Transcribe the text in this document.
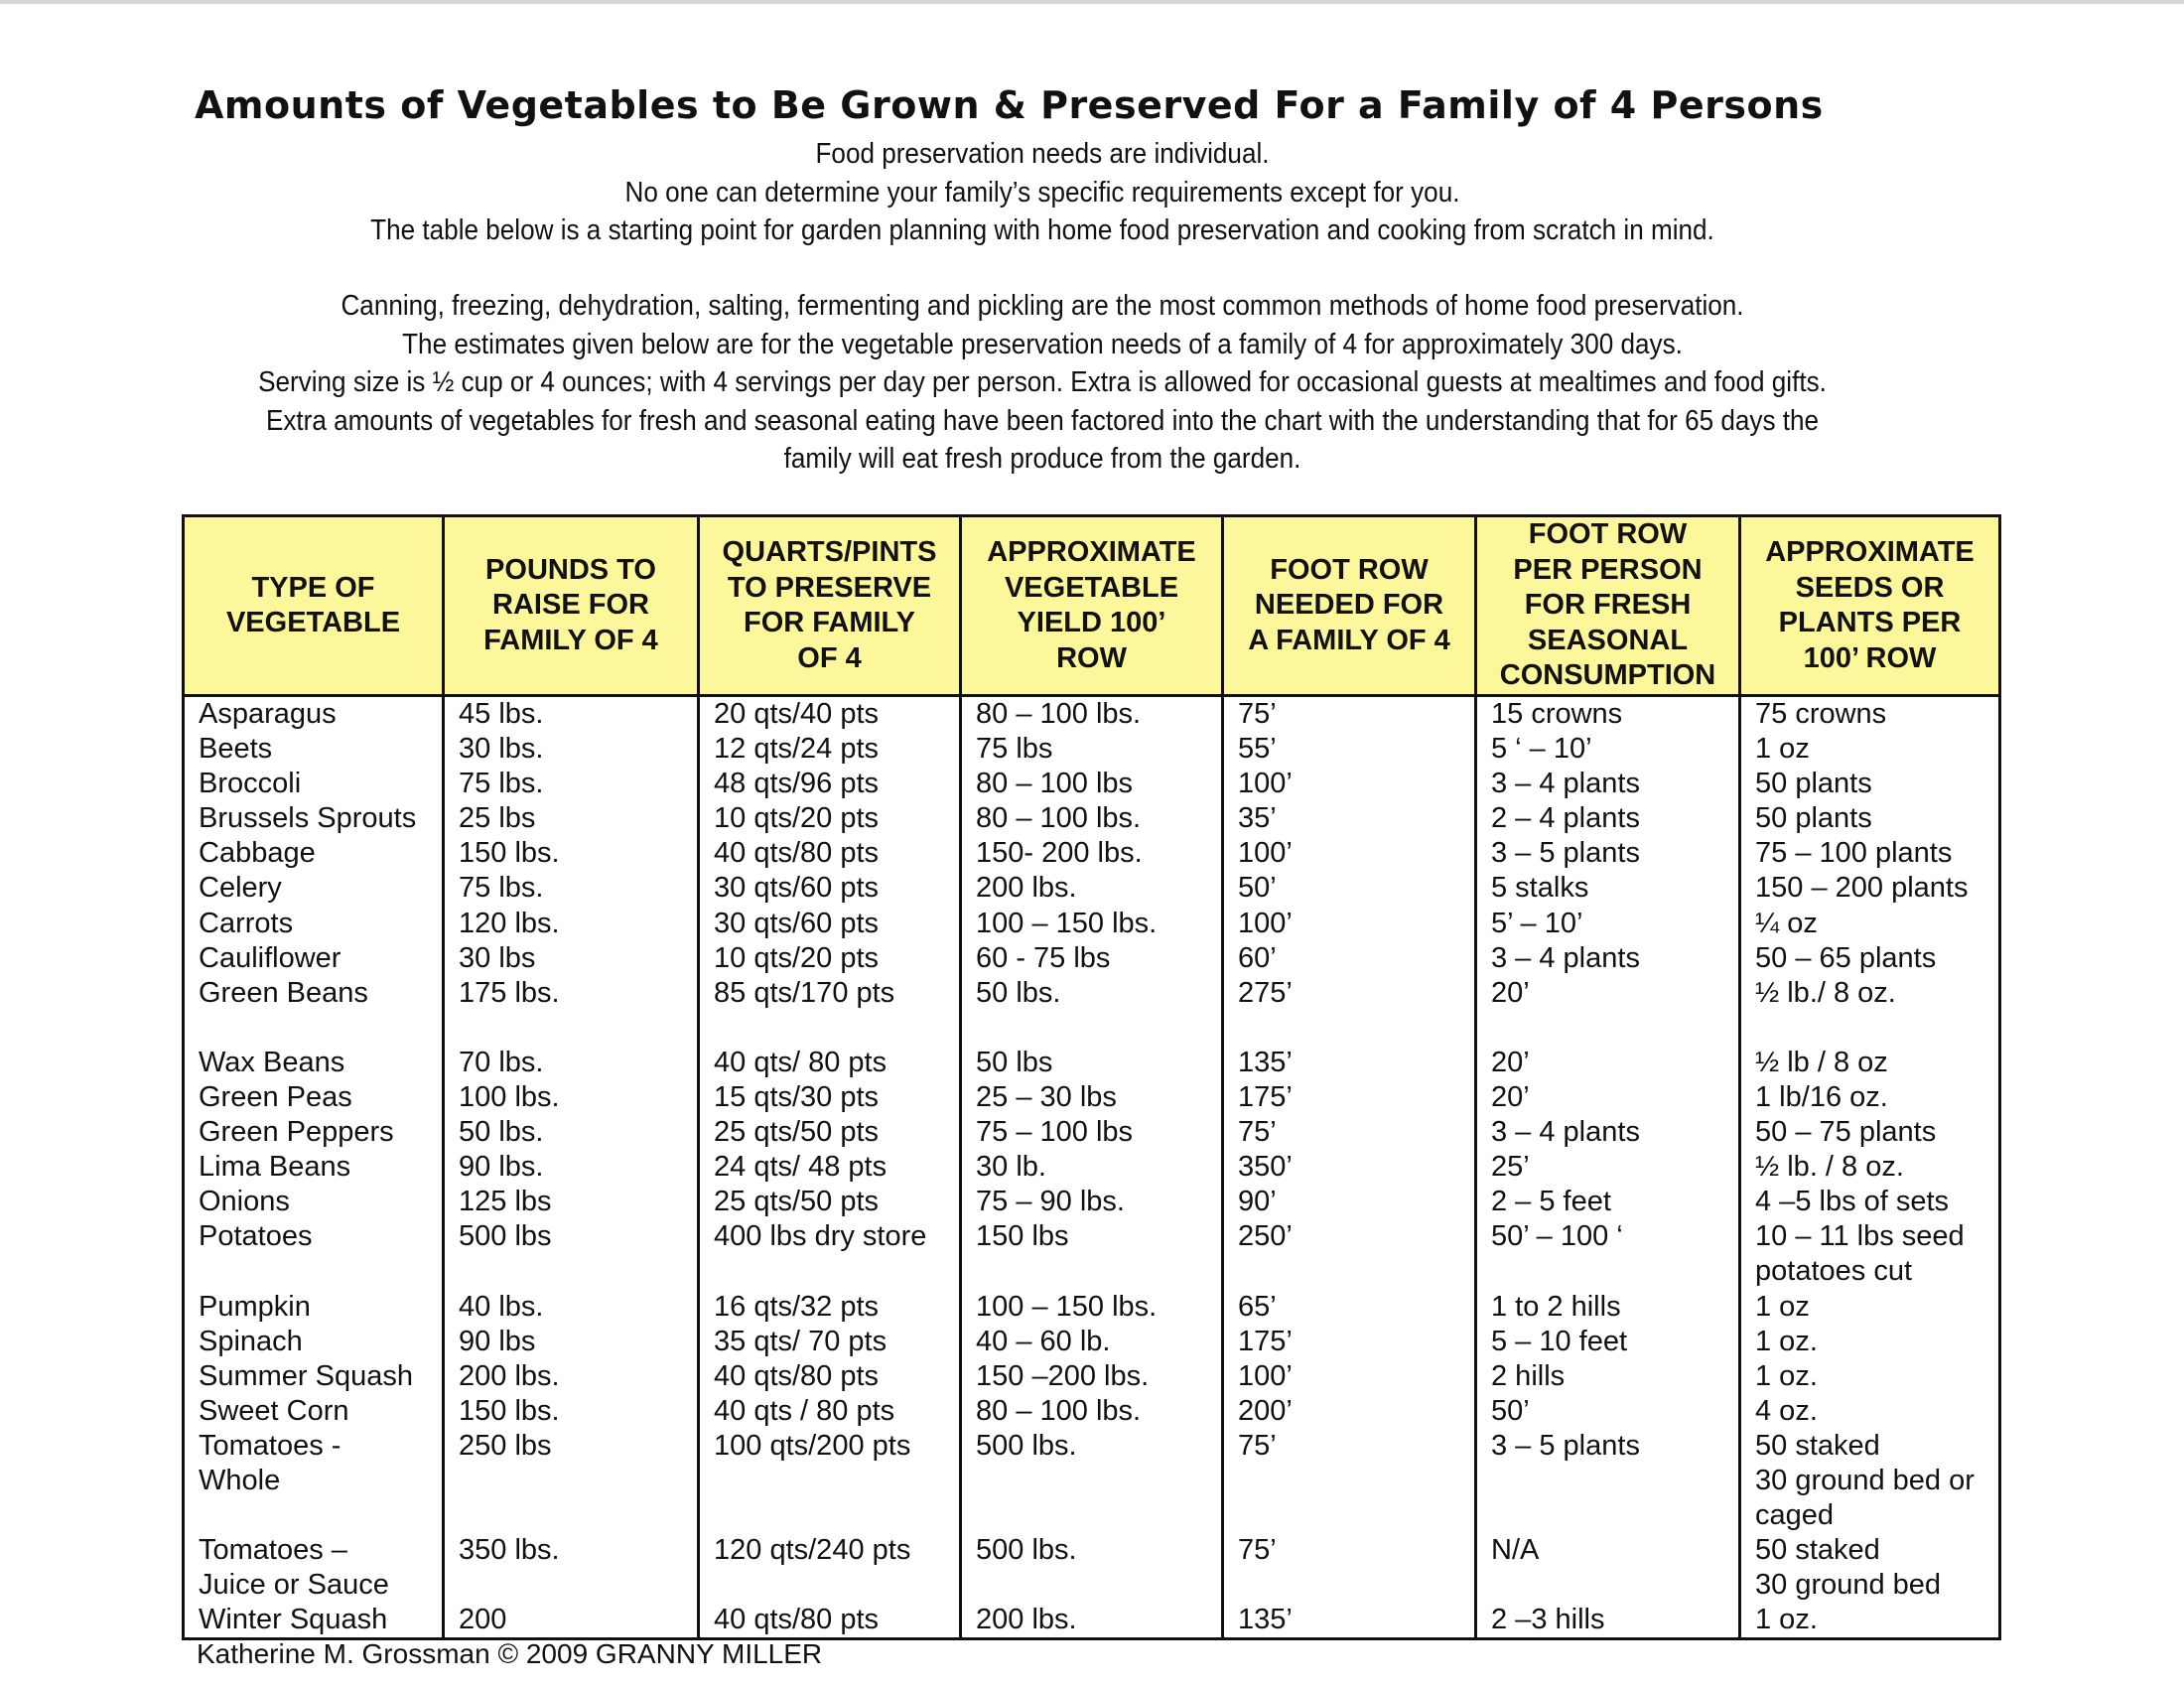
Amounts of Vegetables to Be Grown & Preserved For a Family of 4 Persons

Food preservation needs are individual.

No one can determine your family’s specific requirements except for you.

The table below is a starting point for garden planning with home food preservation and cooking from scratch in mind.

Canning, freezing, dehydration, salting, fermenting and pickling are the most common methods of home food preservation.

The estimates given below are for the vegetable preservation needs of a family of 4 for approximately 300 days.

Serving size is ½ cup or 4 ounces; with 4 servings per day per person. Extra is allowed for occasional guests at mealtimes and food gifts.

Extra amounts of vegetables for fresh and seasonal eating have been factored into the chart with the understanding that for 65 days the

family will eat fresh produce from the garden.

TYPE OF
VEGETABLE	POUNDS TO
RAISE FOR
FAMILY OF 4	QUARTS/PINTS
TO PRESERVE
FOR FAMILY
OF 4	APPROXIMATE
VEGETABLE
YIELD 100’
ROW	FOOT ROW
NEEDED FOR
A FAMILY OF 4	FOOT ROW
PER PERSON
FOR FRESH
SEASONAL
CONSUMPTION	APPROXIMATE
SEEDS OR
PLANTS PER
100’ ROW
Asparagus	45 lbs.	20 qts/40 pts	80 – 100 lbs.	75’	15 crowns	75 crowns
Beets	30 lbs.	12 qts/24 pts	75 lbs	55’	5 ‘ – 10’	1 oz
Broccoli	75 lbs.	48 qts/96 pts	80 – 100 lbs	100’	3 – 4 plants	50 plants
Brussels Sprouts	25 lbs	10 qts/20 pts	80 – 100 lbs.	35’	2 – 4 plants	50 plants
Cabbage	150 lbs.	40 qts/80 pts	150- 200 lbs.	100’	3 – 5 plants	75 – 100 plants
Celery	75 lbs.	30 qts/60 pts	200 lbs.	50’	5 stalks	150 – 200 plants
Carrots	120 lbs.	30 qts/60 pts	100 – 150 lbs.	100’	5’ – 10’	¼ oz
Cauliflower	30 lbs	10 qts/20 pts	60 - 75 lbs	60’	3 – 4 plants	50 – 65 plants
Green Beans	175 lbs.	85 qts/170 pts	50 lbs.	275’	20’	½ lb./ 8 oz.

Wax Beans	70 lbs.	40 qts/ 80 pts	50 lbs	135’	20’	½ lb / 8 oz
Green Peas	100 lbs.	15 qts/30 pts	25 – 30 lbs	175’	20’	1 lb/16 oz.
Green Peppers	50 lbs.	25 qts/50 pts	75 – 100 lbs	75’	3 – 4 plants	50 – 75 plants
Lima Beans	90 lbs.	24 qts/ 48 pts	30 lb.	350’	25’	½ lb. / 8 oz.
Onions	125 lbs	25 qts/50 pts	75 – 90 lbs.	90’	2 – 5 feet	4 –5 lbs of sets
Potatoes	500 lbs	400 lbs dry store	150 lbs	250’	50’ – 100 ‘	10 – 11 lbs seed
potatoes cut
Pumpkin	40 lbs.	16 qts/32 pts	100 – 150 lbs.	65’	1 to 2 hills	1 oz
Spinach	90 lbs	35 qts/ 70 pts	40 – 60 lb.	175’	5 – 10 feet	1 oz.
Summer Squash	200 lbs.	40 qts/80 pts	150 –200 lbs.	100’	2 hills	1 oz.
Sweet Corn	150 lbs.	40 qts / 80 pts	80 – 100 lbs.	200’	50’	4 oz.
Tomatoes -
Whole	250 lbs	100 qts/200 pts	500 lbs.	75’	3 – 5 plants	50 staked
30 ground bed or
caged
Tomatoes –
Juice or Sauce	350 lbs.	120 qts/240 pts	500 lbs.	75’	N/A	50 staked
30 ground bed
Winter Squash	200	40 qts/80 pts	200 lbs.	135’	2 –3 hills	1 oz.
Katherine M. Grossman © 2009 GRANNY MILLER
